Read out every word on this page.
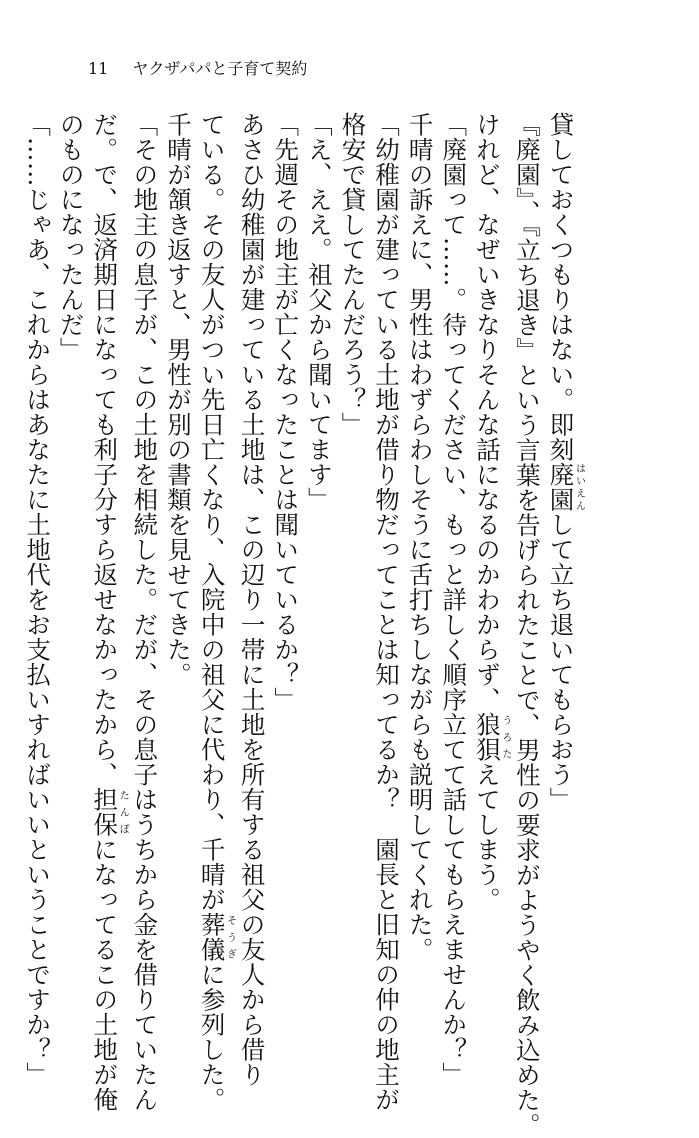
11 ヤクザパパと子育て契約

貸しておくつもりはない。即刻廃園はいえんして立ち退いてもらおう」

『廃園』、『立ち退き』という言葉を告げられたことで、男性の要求がようやく飲み込めた。

けれど、なぜいきなりそんな話になるのかわからず、狼狽うろたえてしまう。

「廃園って……。待ってください、もっと詳しく順序立てて話してもらえませんか？」

千晴の訴えに、男性はわずらわしそうに舌打ちしながらも説明してくれた。

「幼稚園が建っている土地が借り物だってことは知ってるか？　園長と旧知の仲の地主が

格安で貸してたんだろう？」

「え、ええ。祖父から聞いてます」

「先週その地主が亡くなったことは聞いているか？」

あさひ幼稚園が建っている土地は、この辺り一帯に土地を所有する祖父の友人から借り

ている。その友人がつい先日亡くなり、入院中の祖父に代わり、千晴が葬儀そうぎに参列した。

千晴が頷き返すと、男性が別の書類を見せてきた。

「その地主の息子が、この土地を相続した。だが、その息子はうちから金を借りていたん

だ。で、返済期日になっても利子分すら返せなかったから、担保たんぽになってるこの土地が俺

のものになったんだ」

「……じゃあ、これからはあなたに土地代をお支払いすればいいということですか？」
